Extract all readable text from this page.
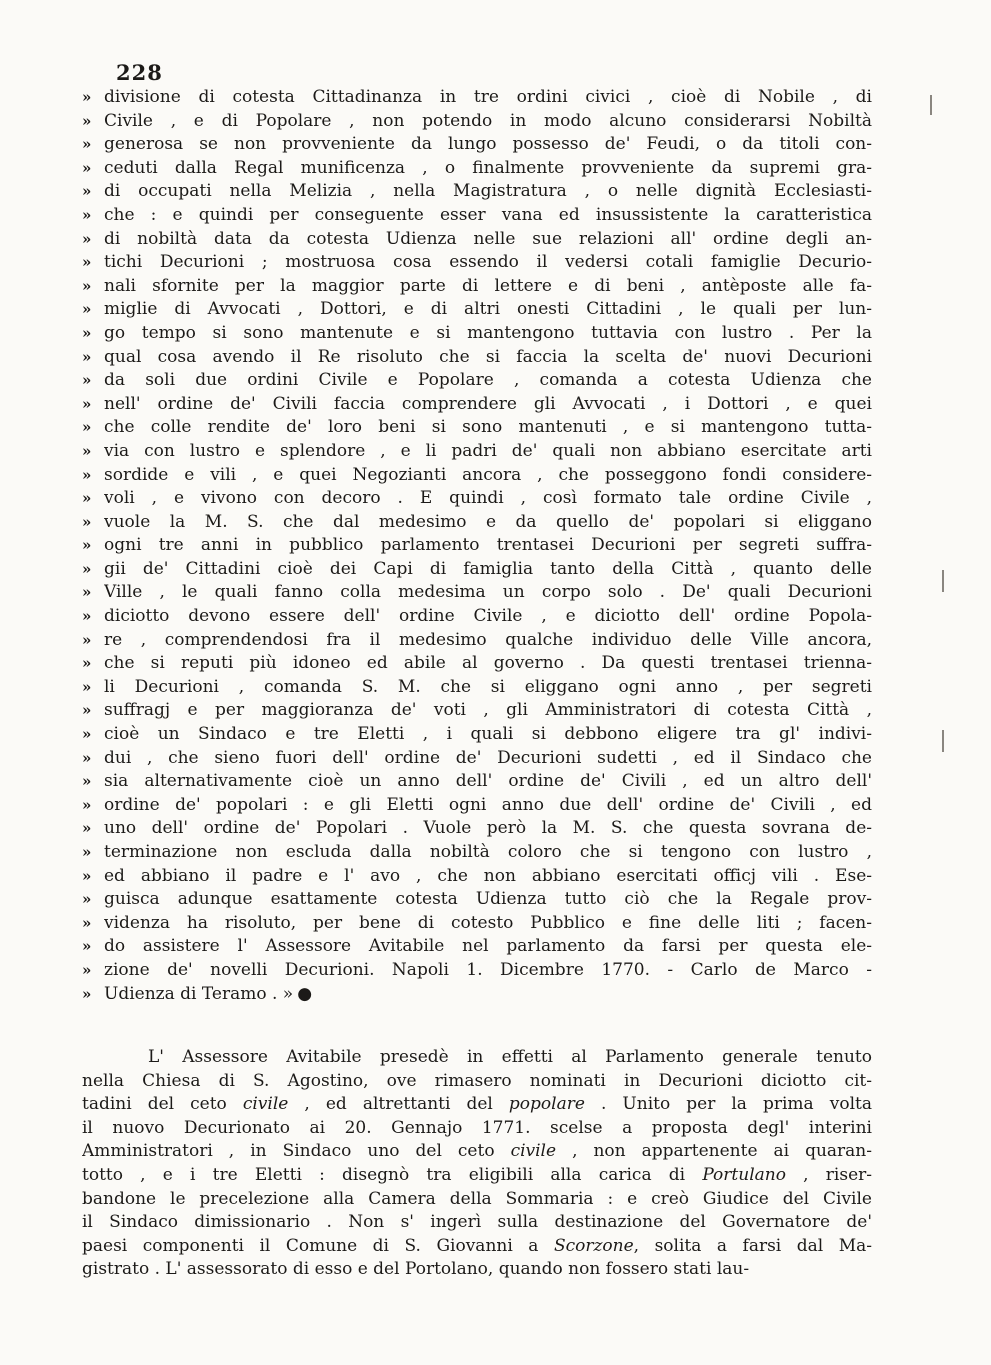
228
» divisione di cotesta Cittadinanza in tre ordini civici , cioè di Nobile , di
» Civile , e di Popolare , non potendo in modo alcuno considerarsi Nobiltà
» generosa se non provveniente da lungo possesso de' Feudi, o da titoli con-
» ceduti dalla Regal munificenza , o finalmente provveniente da supremi gra-
» di occupati nella Melizia , nella Magistratura , o nelle dignità Ecclesiasti-
» che : e quindi per conseguente esser vana ed insussistente la caratteristica
» di nobiltà data da cotesta Udienza nelle sue relazioni all' ordine degli an-
» tichi Decurioni ; mostruosa cosa essendo il vedersi cotali famiglie Decurio-
» nali sfornite per la maggior parte di lettere e di beni , antèposte alle fa-
» miglie di Avvocati , Dottori, e di altri onesti Cittadini , le quali per lun-
» go tempo si sono mantenute e si mantengono tuttavia con lustro . Per la
» qual cosa avendo il Re risoluto che si faccia la scelta de' nuovi Decurioni
» da soli due ordini Civile e Popolare , comanda a cotesta Udienza che
» nell' ordine de' Civili faccia comprendere gli Avvocati , i Dottori , e quei
» che colle rendite de' loro beni si sono mantenuti , e si mantengono tutta-
» via con lustro e splendore , e li padri de' quali non abbiano esercitate arti
» sordide e vili , e quei Negozianti ancora , che posseggono fondi considere-
» voli , e vivono con decoro . E quindi , così formato tale ordine Civile ,
» vuole la M. S. che dal medesimo e da quello de' popolari si eliggano
» ogni tre anni in pubblico parlamento trentasei Decurioni per segreti suffra-
» gii de' Cittadini cioè dei Capi di famiglia tanto della Città , quanto delle
» Ville , le quali fanno colla medesima un corpo solo . De' quali Decurioni
» diciotto devono essere dell' ordine Civile , e diciotto dell' ordine Popola-
» re , comprendendosi fra il medesimo qualche individuo delle Ville ancora,
» che si reputi più idoneo ed abile al governo . Da questi trentasei trienna-
» li Decurioni , comanda S. M. che si eliggano ogni anno , per segreti
» suffragj e per maggioranza de' voti , gli Amministratori di cotesta Città ,
» cioè un Sindaco e tre Eletti , i quali si debbono eligere tra gl' indivi-
» dui , che sieno fuori dell' ordine de' Decurioni sudetti , ed il Sindaco che
» sia alternativamente cioè un anno dell' ordine de' Civili , ed un altro dell'
» ordine de' popolari : e gli Eletti ogni anno due dell' ordine de' Civili , ed
» uno dell' ordine de' Popolari . Vuole però la M. S. che questa sovrana de-
» terminazione non escluda dalla nobiltà coloro che si tengono con lustro ,
» ed abbiano il padre e l' avo , che non abbiano esercitati officj vili . Ese-
» guisca adunque esattamente cotesta Udienza tutto ciò che la Regale prov-
» videnza ha risoluto, per bene di cotesto Pubblico e fine delle liti ; facen-
» do assistere l' Assessore Avitabile nel parlamento da farsi per questa ele-
» zione de' novelli Decurioni. Napoli 1. Dicembre 1770. - Carlo de Marco -
» Udienza di Teramo . » ●
L' Assessore Avitabile presedè in effetti al Parlamento generale tenuto
nella Chiesa di S. Agostino, ove rimasero nominati in Decurioni diciotto cit-
tadini del ceto civile , ed altrettanti del popolare . Unito per la prima volta
il nuovo Decurionato ai 20. Gennajo 1771. scelse a proposta degl' interini
Amministratori , in Sindaco uno del ceto civile , non appartenente ai quaran-
totto , e i tre Eletti : disegnò tra eligibili alla carica di Portulano , riser-
bandone le precelezione alla Camera della Sommaria : e creò Giudice del Civile
il Sindaco dimissionario . Non s' ingerì sulla destinazione del Governatore de'
paesi componenti il Comune di S. Giovanni a Scorzone, solita a farsi dal Ma-
gistrato . L' assessorato di esso e del Portolano, quando non fossero stati lau-
